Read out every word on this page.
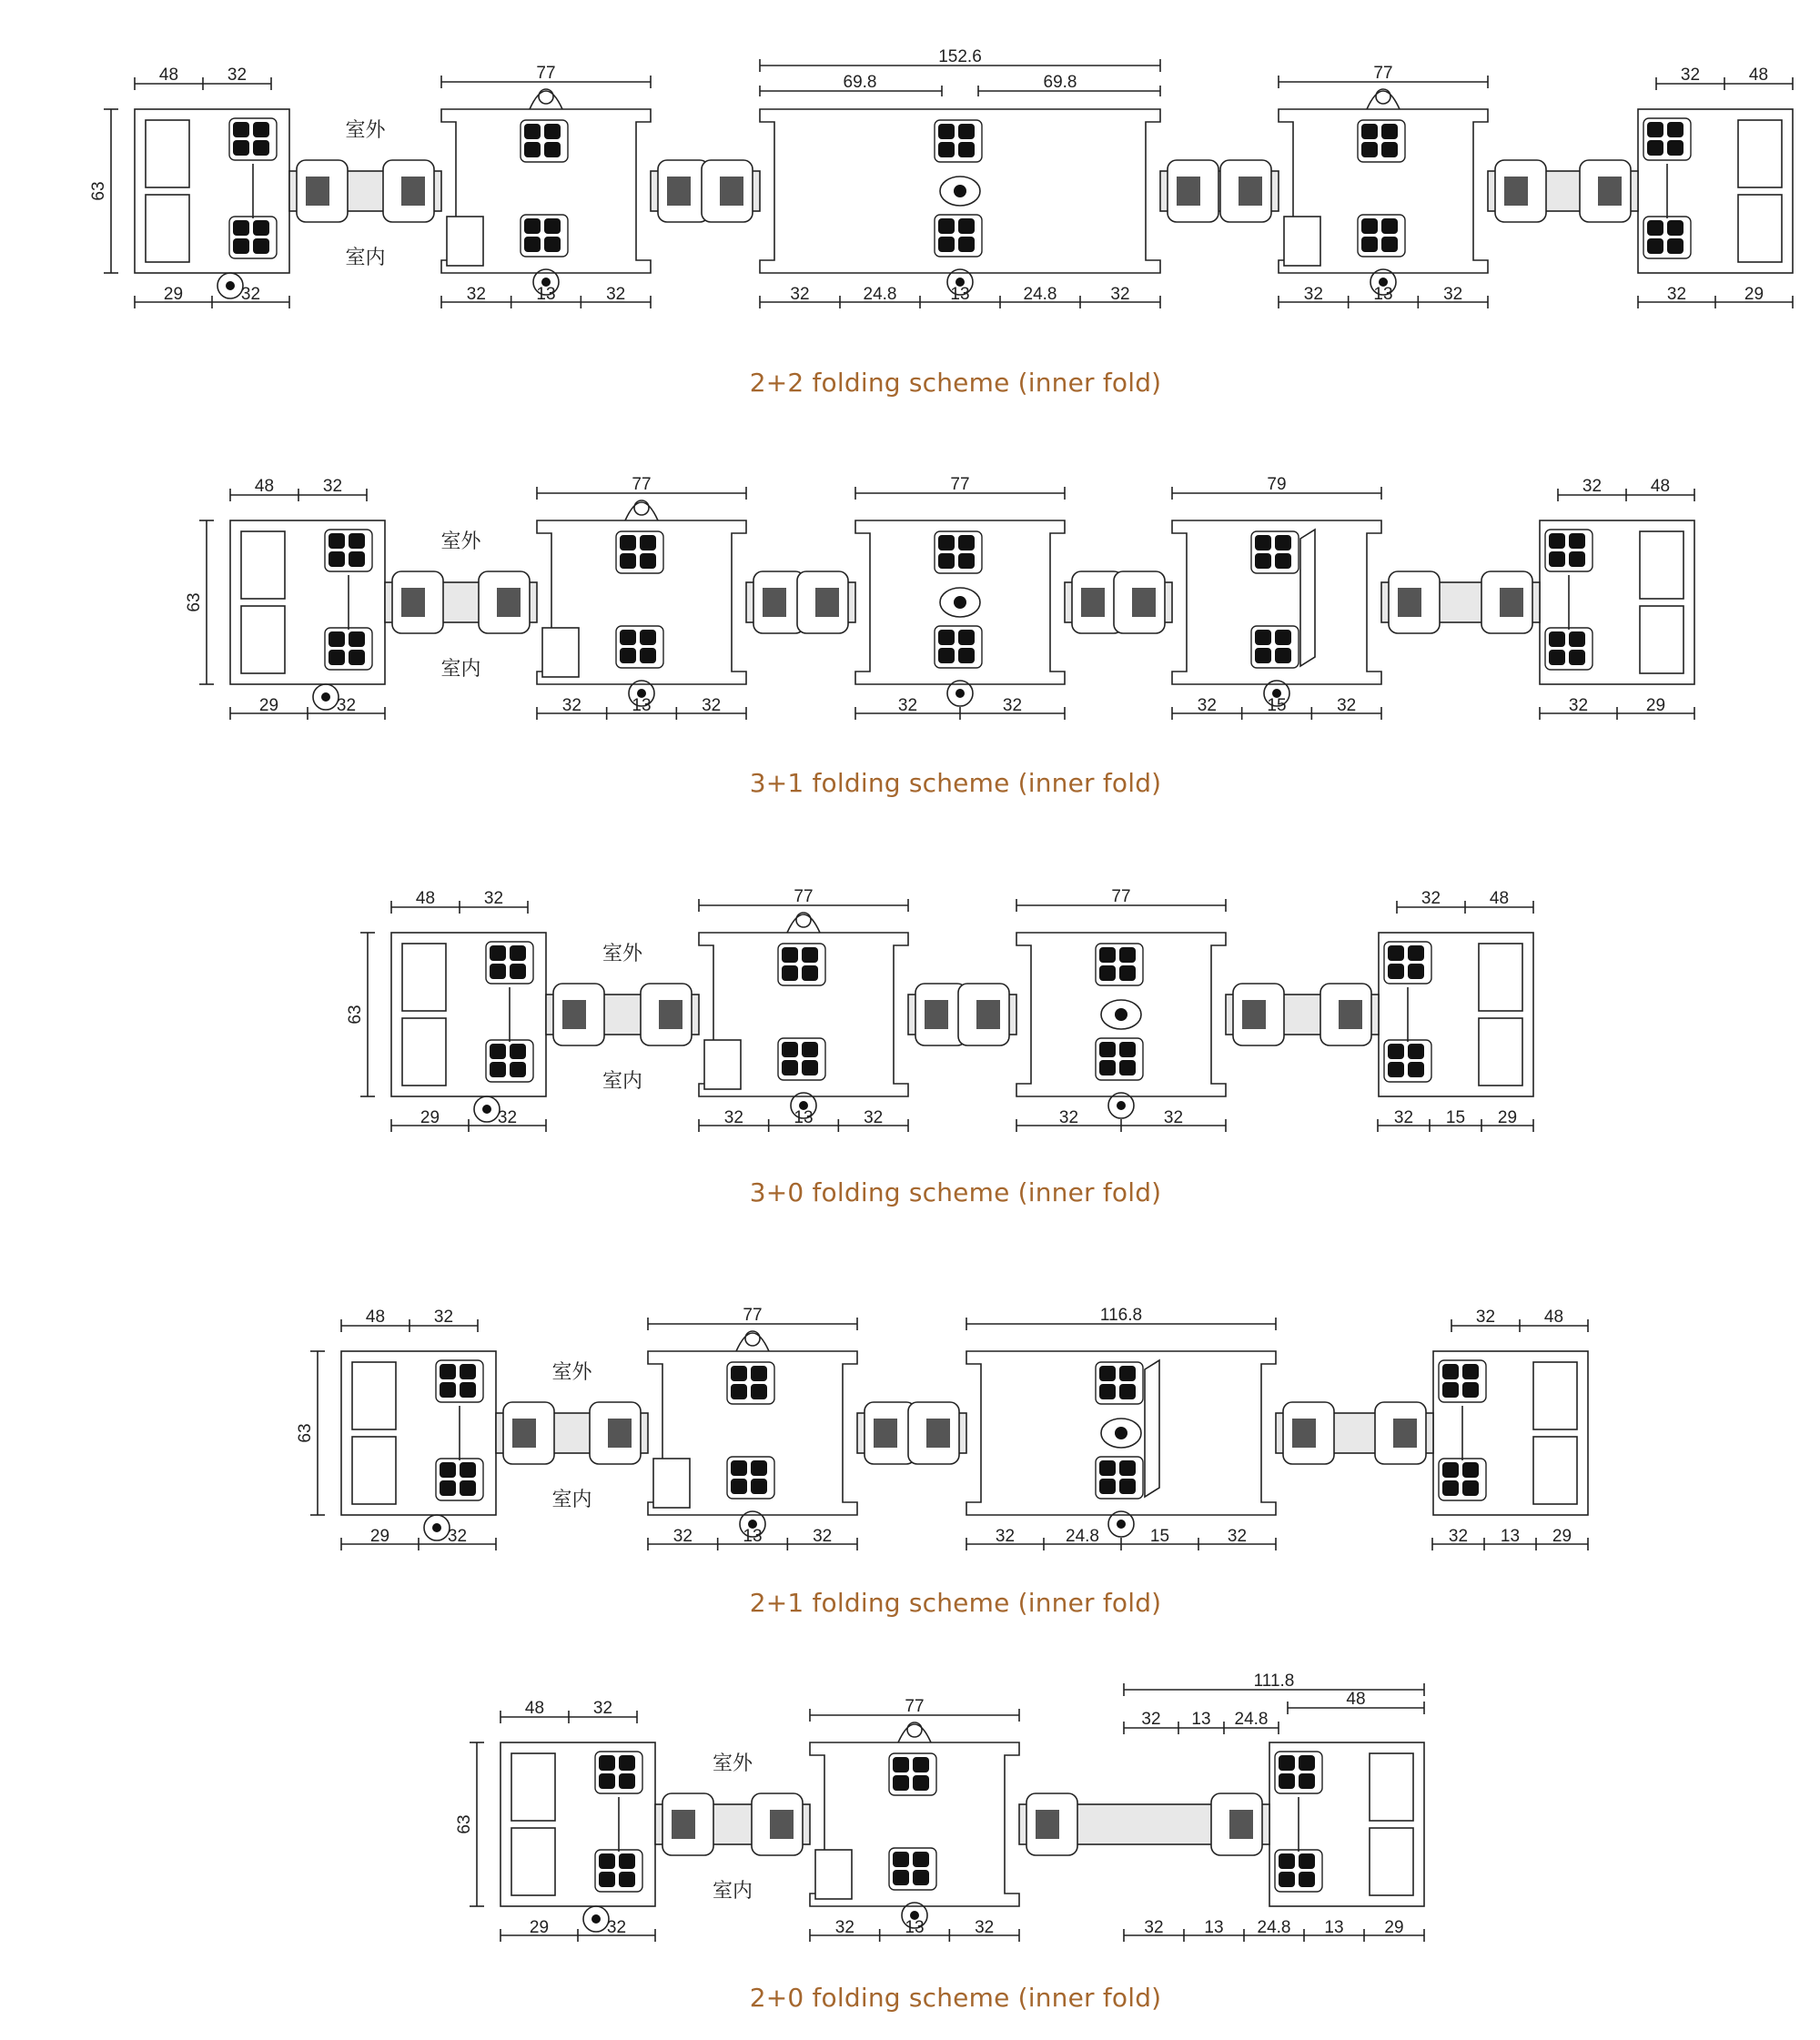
63
48	32
29	32
32	48
32	29
77
32	13	32
152.6
69.8	69.8
32	24.8	13	24.8	32
77
32	13	32
室外
室内
2+2 folding scheme (inner fold)
63
48	32
29	32
32	48
32	29
77
32	13	32
77
32	32
79
32	15	32
室外
室内
3+1 folding scheme (inner fold)
63
48	32
29	32
32	48
32 15 29
77
32	13	32
77
32	32
室外
室内
3+0 folding scheme (inner fold)
63
48	32
29	32
32	48
32 13 29
77
32	13	32
116.8
32	24.8	15	32
室外
室内
2+1 folding scheme (inner fold)
63
48	32
29	32
111.8
32 13 24.8
48
32 13 24.8 13 29
77
32	13	32
室外
室内
2+0 folding scheme (inner fold)
